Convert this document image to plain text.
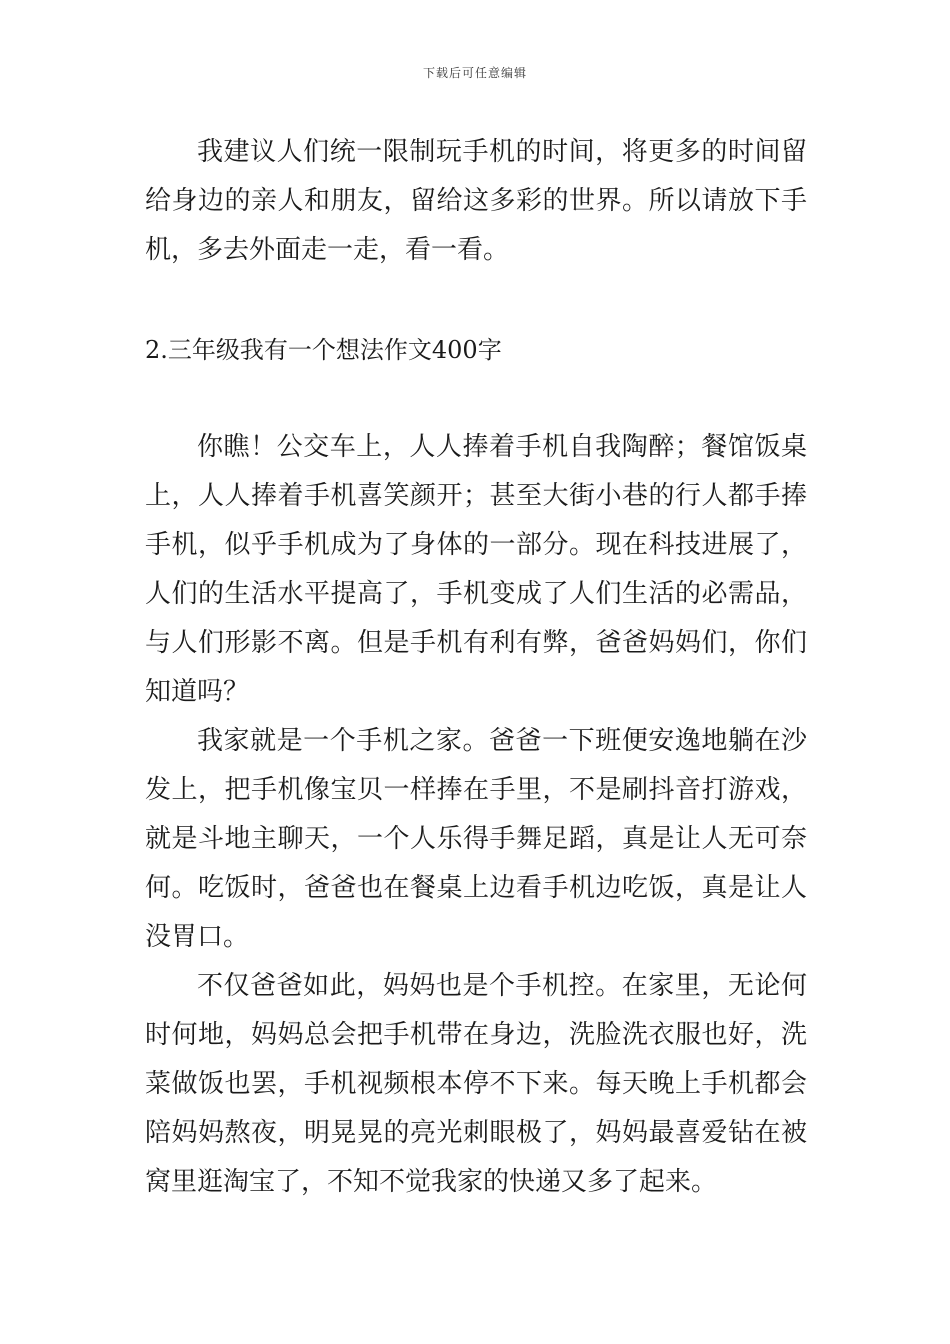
下载后可任意编辑

我建议人们统一限制玩手机的时间，将更多的时间留给身边的亲人和朋友，留给这多彩的世界。所以请放下手机，多去外面走一走，看一看。

2.三年级我有一个想法作文400字

你瞧！公交车上，人人捧着手机自我陶醉；餐馆饭桌上，人人捧着手机喜笑颜开；甚至大街小巷的行人都手捧手机，似乎手机成为了身体的一部分。现在科技进展了，人们的生活水平提高了，手机变成了人们生活的必需品，与人们形影不离。但是手机有利有弊，爸爸妈妈们，你们知道吗？

我家就是一个手机之家。爸爸一下班便安逸地躺在沙发上，把手机像宝贝一样捧在手里，不是刷抖音打游戏，就是斗地主聊天，一个人乐得手舞足蹈，真是让人无可奈何。吃饭时，爸爸也在餐桌上边看手机边吃饭，真是让人没胃口。

不仅爸爸如此，妈妈也是个手机控。在家里，无论何时何地，妈妈总会把手机带在身边，洗脸洗衣服也好，洗菜做饭也罢，手机视频根本停不下来。每天晚上手机都会陪妈妈熬夜，明晃晃的亮光刺眼极了，妈妈最喜爱钻在被窝里逛淘宝了，不知不觉我家的快递又多了起来。
